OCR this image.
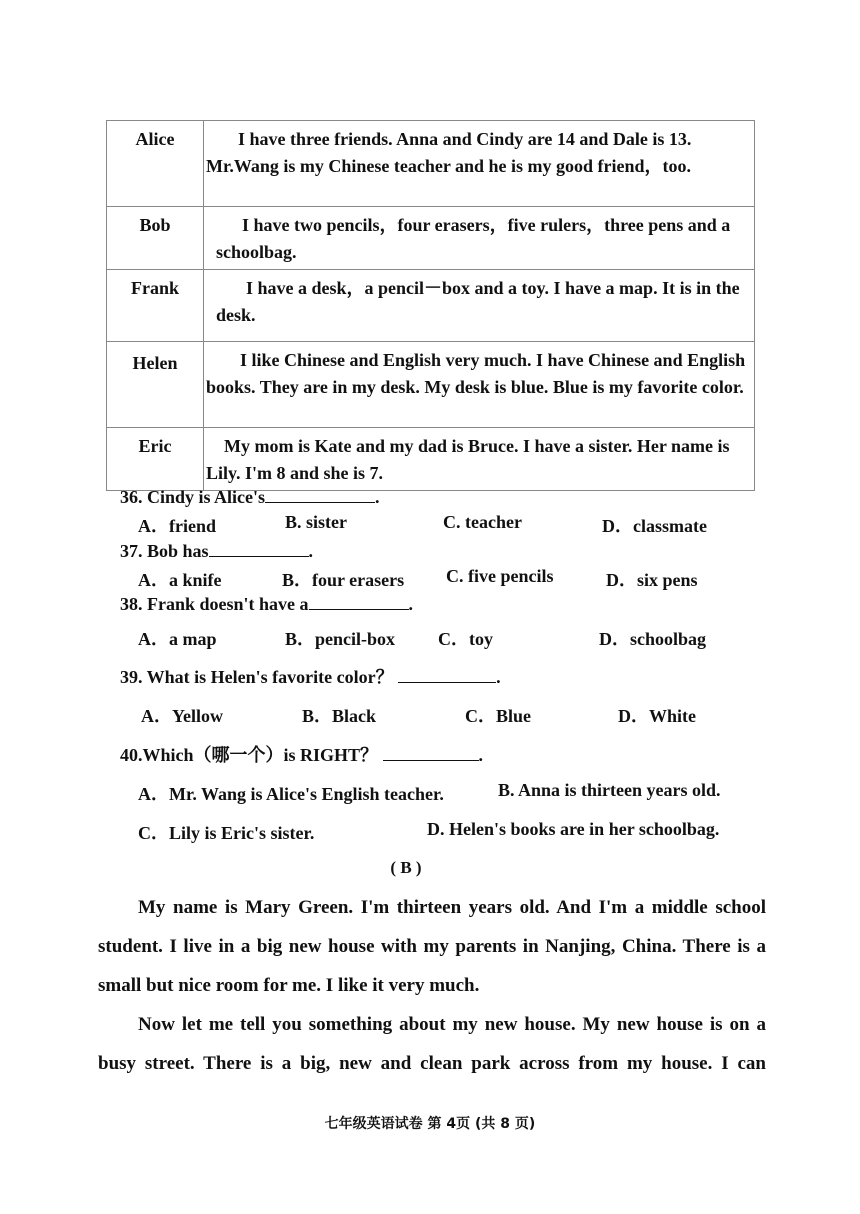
Alice	I have three friends. Anna and Cindy are 14 and Dale is 13. Mr.Wang is my Chinese teacher and he is my good friend，too.

Bob	I have two pencils，four erasers，five rulers，three pens and a schoolbag.

Frank	I have a desk，a pencil－box and a toy. I have a map. It is in the desk.

Helen	I like Chinese and English very much. I have Chinese and English books. They are in my desk. My desk is blue. Blue is my favorite color.

Eric	My mom is Kate and my dad is Bruce. I have a sister. Her name is Lily. I'm 8 and she is 7.
36. Cindy is Alice's	.
A．friend	B. sister	C. teacher	D．classmate
37. Bob has	.
A．a knife	B．four erasers C. five pencils	D．six pens
38. Frank doesn't have a	.
A．a map	B．pencil-box C．toy	D．schoolbag
39. What is Helen's favorite color？	.
A．Yellow	B．Black	C．Blue	D．White
40.Which（哪一个）is RIGHT？	.
A．Mr. Wang is Alice's English teacher.	B. Anna is thirteen years old.
C．Lily is Eric's sister.	D. Helen's books are in her schoolbag.
( B )
My name is Mary Green. I'm thirteen years old. And I'm a middle school student. I live in a big new house with my parents in Nanjing, China. There is a small but nice room for me. I like it very much.
Now let me tell you something about my new house. My new house is on a busy street. There is a big, new and clean park across from my house. I can
七年级英语试卷 第 4页 (共 8 页)
